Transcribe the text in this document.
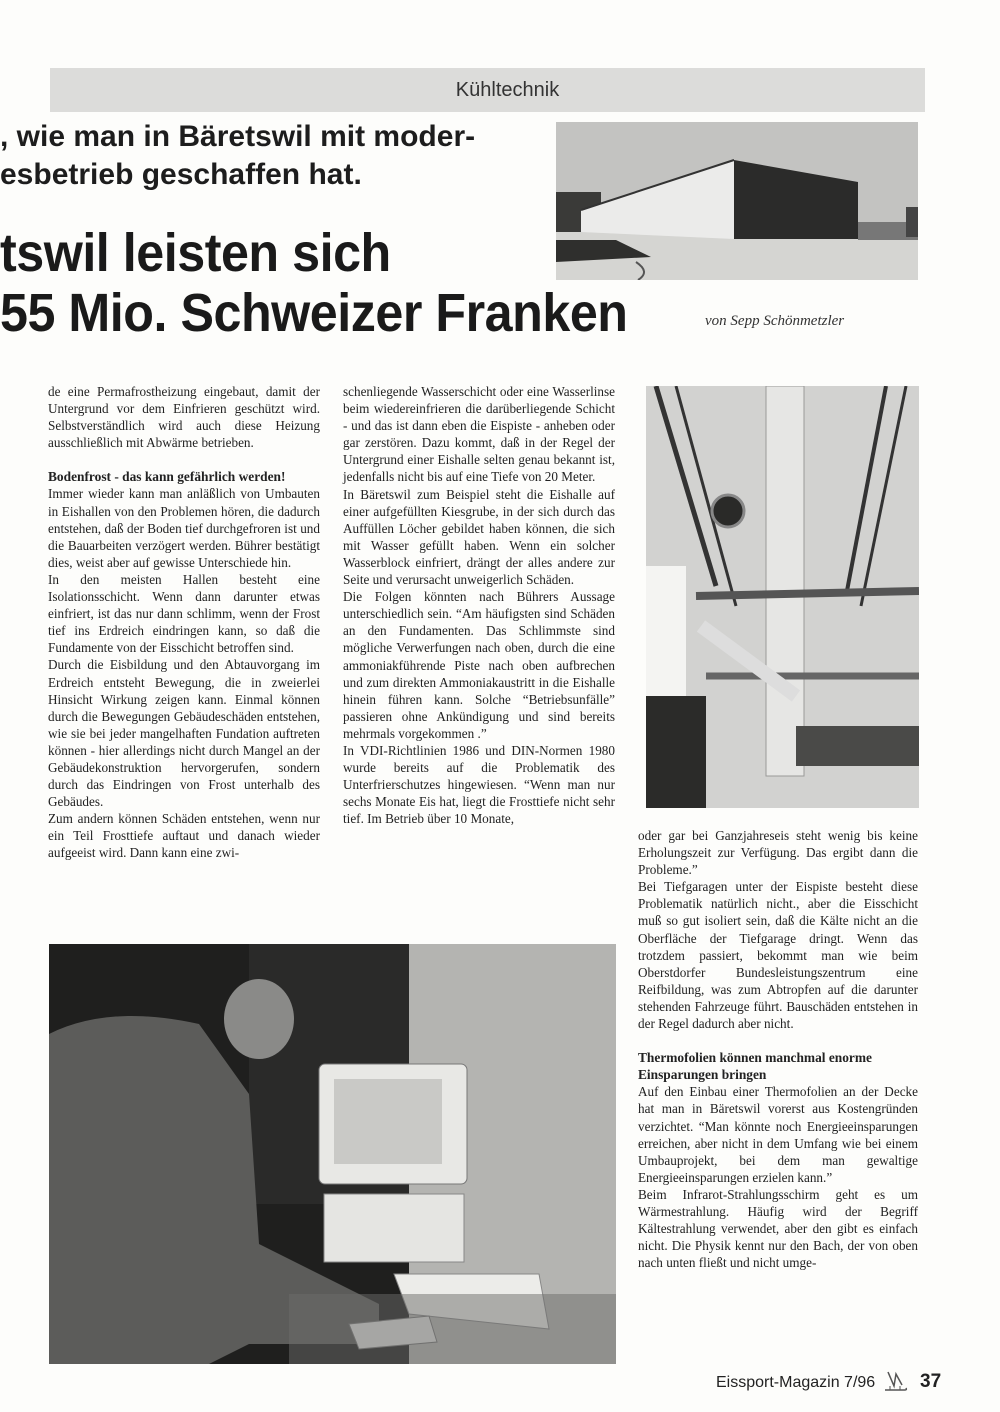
Kühltechnik
, wie man in Bäretswil mit moder-
esbetrieb geschaffen hat.
tswil leisten sich
55 Mio. Schweizer Franken	von Sepp Schönmetzler

de eine Permafrostheizung eingebaut, damit der Untergrund vor dem Einfrieren geschützt wird. Selbstverständlich wird auch diese Heizung ausschließlich mit Abwärme betrieben.

Bodenfrost - das kann gefährlich werden!

Immer wieder kann man anläßlich von Umbauten in Eishallen von den Problemen hören, die dadurch entstehen, daß der Boden tief durchgefroren ist und die Bauarbeiten verzögert werden. Bührer bestätigt dies, weist aber auf gewisse Unterschiede hin.

In den meisten Hallen besteht eine Isolationsschicht. Wenn dann darunter etwas einfriert, ist das nur dann schlimm, wenn der Frost tief ins Erdreich eindringen kann, so daß die Fundamente von der Eisschicht betroffen sind.

Durch die Eisbildung und den Abtauvorgang im Erdreich entsteht Bewegung, die in zweierlei Hinsicht Wirkung zeigen kann. Einmal können durch die Bewegungen Gebäudeschäden entstehen, wie sie bei jeder mangelhaften Fundation auftreten können - hier allerdings nicht durch Mangel an der Gebäudekonstruktion hervorgerufen, sondern durch das Eindringen von Frost unterhalb des Gebäudes.

Zum andern können Schäden entstehen, wenn nur ein Teil Frosttiefe auftaut und danach wieder aufgeeist wird. Dann kann eine zwi-

schenliegende Wasserschicht oder eine Wasserlinse beim wiedereinfrieren die darüberliegende Schicht - und das ist dann eben die Eispiste - anheben oder gar zerstören. Dazu kommt, daß in der Regel der Untergrund einer Eishalle selten genau bekannt ist, jedenfalls nicht bis auf eine Tiefe von 20 Meter.

In Bäretswil zum Beispiel steht die Eishalle auf einer aufgefüllten Kiesgrube, in der sich durch das Auffüllen Löcher gebildet haben können, die sich mit Wasser gefüllt haben. Wenn ein solcher Wasserblock einfriert, drängt der alles andere zur Seite und verursacht unweigerlich Schäden.

Die Folgen könnten nach Bührers Aussage unterschiedlich sein. “Am häufigsten sind Schäden an den Fundamenten. Das Schlimmste sind mögliche Verwerfungen nach oben, durch die eine ammoniakführende Piste nach oben aufbrechen und zum direkten Ammoniakaustritt in die Eishalle hinein führen kann. Solche “Betriebsunfälle” passieren ohne Ankündigung und sind bereits mehrmals vorgekommen .”

In VDI-Richtlinien 1986 und DIN-Normen 1980 wurde bereits auf die Problematik des Unterfrierschutzes hingewiesen. “Wenn man nur sechs Monate Eis hat, liegt die Frosttiefe nicht sehr tief. Im Betrieb über 10 Monate,

oder gar bei Ganzjahreseis steht wenig bis keine Erholungszeit zur Verfügung. Das ergibt dann die Probleme.”

Bei Tiefgaragen unter der Eispiste besteht diese Problematik natürlich nicht., aber die Eisschicht muß so gut isoliert sein, daß die Kälte nicht an die Oberfläche der Tiefgarage dringt. Wenn das trotzdem passiert, bekommt man wie beim Oberstdorfer Bundesleistungszentrum eine Reifbildung, was zum Abtropfen auf die darunter stehenden Fahrzeuge führt. Bauschäden entstehen in der Regel dadurch aber nicht.

Thermofolien können manchmal enorme Einsparungen bringen

Auf den Einbau einer Thermofolien an der Decke hat man in Bäretswil vorerst aus Kostengründen verzichtet. “Man könnte noch Energieeinsparungen erreichen, aber nicht in dem Umfang wie bei einem Umbauprojekt, bei dem man gewaltige Energieeinsparungen erzielen kann.”

Beim Infrarot-Strahlungsschirm geht es um Wärmestrahlung. Häufig wird der Begriff Kältestrahlung verwendet, aber den gibt es einfach nicht. Die Physik kennt nur den Bach, der von oben nach unten fließt und nicht umge-

Eissport-Magazin 7/96 37
